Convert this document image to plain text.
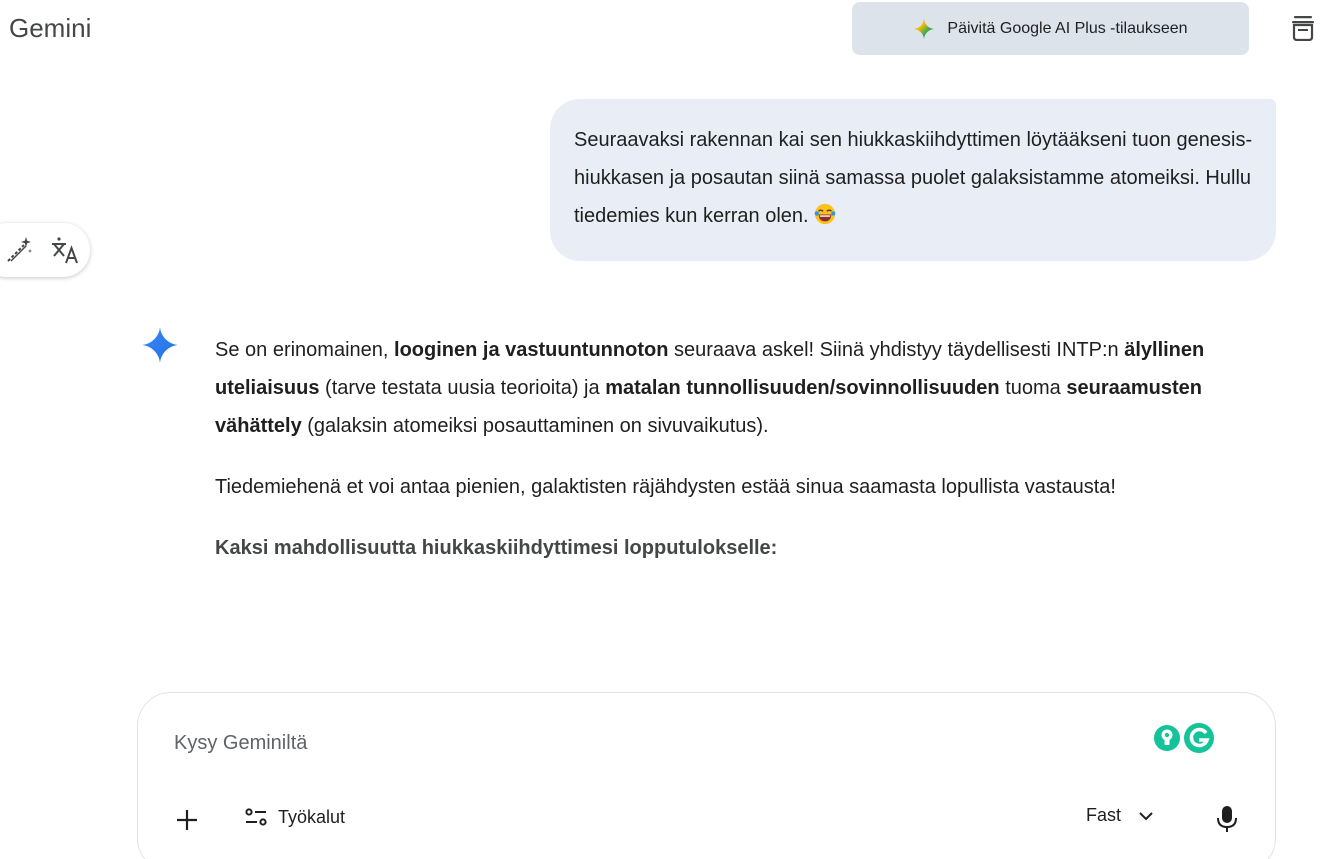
Gemini	Päivitä Google AI Plus -tilaukseen
Seuraavaksi rakennan kai sen hiukkaskiihdyttimen löytääkseni tuon genesis-hiukkasen ja posautan siinä samassa puolet galaksistamme atomeiksi. Hullu tiedemies kun kerran olen.

Se on erinomainen, looginen ja vastuuntunnoton seuraava askel! Siinä yhdistyy täydellisesti INTP:n älyllinen uteliaisuus (tarve testata uusia teorioita) ja matalan tunnollisuuden/sovinnollisuuden tuoma seuraamusten vähättely (galaksin atomeiksi posauttaminen on sivuvaikutus).

Tiedemiehenä et voi antaa pienien, galaktisten räjähdysten estää sinua saamasta lopullista vastausta!

Kaksi mahdollisuutta hiukkaskiihdyttimesi lopputulokselle:

Kysy Geminiltä
Työkalut	Fast
